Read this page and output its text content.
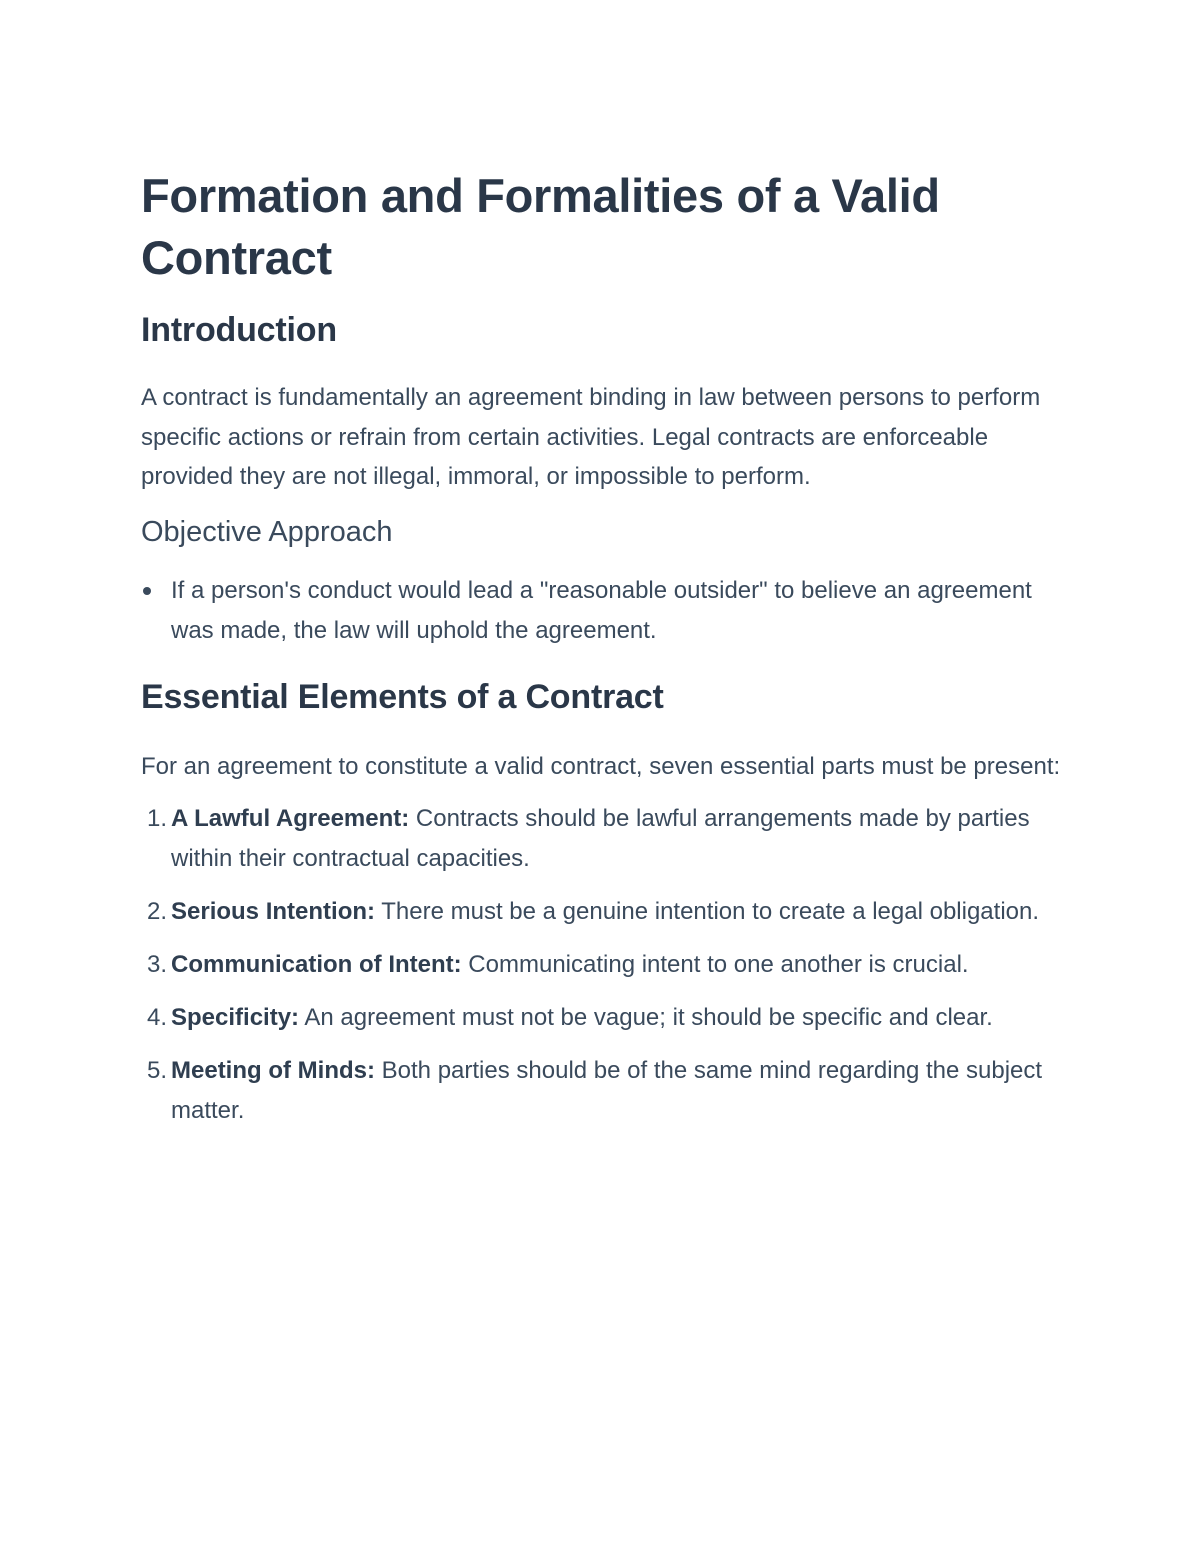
Formation and Formalities of a Valid Contract
Introduction

A contract is fundamentally an agreement binding in law between persons to perform specific actions or refrain from certain activities. Legal contracts are enforceable provided they are not illegal, immoral, or impossible to perform.

Objective Approach
If a person's conduct would lead a "reasonable outsider" to believe an agreement was made, the law will uphold the agreement.
Essential Elements of a Contract

For an agreement to constitute a valid contract, seven essential parts must be present:

1. A Lawful Agreement: Contracts should be lawful arrangements made by parties within their contractual capacities.
2. Serious Intention: There must be a genuine intention to create a legal obligation.
3. Communication of Intent: Communicating intent to one another is crucial.
4. Specificity: An agreement must not be vague; it should be specific and clear.
5. Meeting of Minds: Both parties should be of the same mind regarding the subject matter.
